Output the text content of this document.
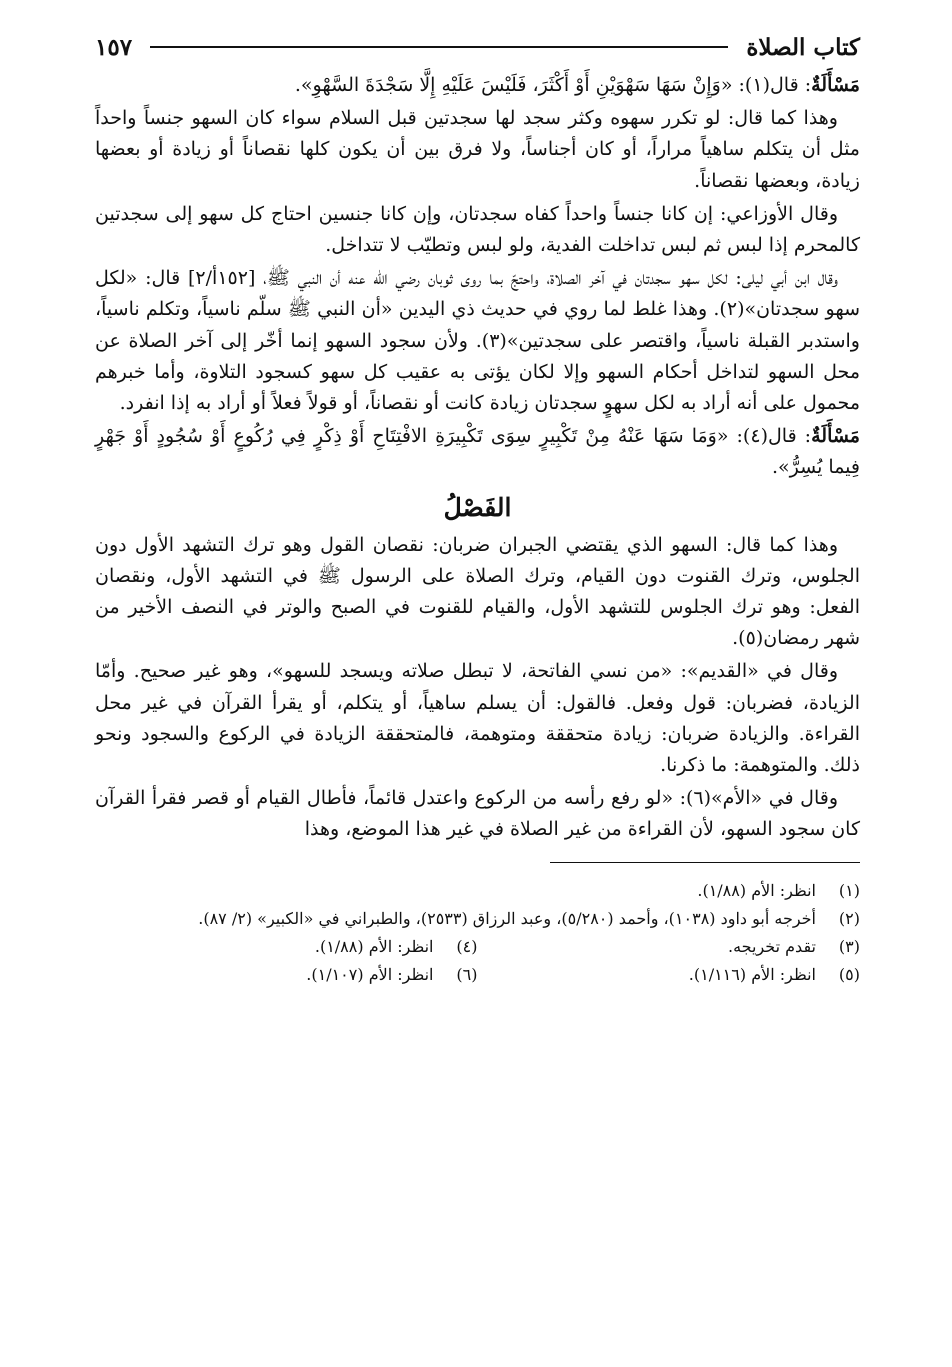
كتاب الصلاة
١٥٧

مَسْأَلَةٌ: قال(١): «وَإِنْ سَهَا سَهْوَيْنِ أَوْ أَكْثَرَ، فَلَيْسَ عَلَيْهِ إِلَّا سَجْدَةَ السَّهْوِ».

وهذا كما قال: لو تكرر سهوه وكثر سجد لها سجدتين قبل السلام سواء كان السهو جنساً واحداً مثل أن يتكلم ساهياً مراراً، أو كان أجناساً، ولا فرق بين أن يكون كلها نقصاناً أو زيادة أو بعضها زيادة، وبعضها نقصاناً.

وقال الأوزاعي: إن كانا جنساً واحداً كفاه سجدتان، وإن كانا جنسين احتاج كل سهو إلى سجدتين كالمحرم إذا لبس ثم لبس تداخلت الفدية، ولو لبس وتطيّب لا تتداخل.

وقال ابن أبي ليلى: لكل سهو سجدتان في آخر الصلاة، واحتجّ بما روى ثوبان رضي الله عنه أن النبي ﷺ، [١٥٢أ/٢] قال: «لكل سهو سجدتان»(٢). وهذا غلط لما روي في حديث ذي اليدين «أن النبي ﷺ سلّم ناسياً، وتكلم ناسياً، واستدبر القبلة ناسياً، واقتصر على سجدتين»(٣). ولأن سجود السهو إنما أخّر إلى آخر الصلاة عن محل السهو لتداخل أحكام السهو وإلا لكان يؤتى به عقيب كل سهو كسجود التلاوة، وأما خبرهم محمول على أنه أراد به لكل سهوٍ سجدتان زيادة كانت أو نقصاناً، أو قولاً فعلاً أو أراد به إذا انفرد.

مَسْأَلَةٌ: قال(٤): «وَمَا سَهَا عَنْهُ مِنْ تَكْبِيرٍ سِوَى تَكْبِيرَةِ الافْتِتَاحِ أَوْ ذِكْرٍ فِي رُكُوعٍ أَوْ سُجُودٍ أَوْ جَهْرٍ فِيما يُسِرُّ».

الفَصْلُ

وهذا كما قال: السهو الذي يقتضي الجبران ضربان: نقصان القول وهو ترك التشهد الأول دون الجلوس، وترك القنوت دون القيام، وترك الصلاة على الرسول ﷺ في التشهد الأول، ونقصان الفعل: وهو ترك الجلوس للتشهد الأول، والقيام للقنوت في الصبح والوتر في النصف الأخير من شهر رمضان(٥).

وقال في «القديم»: «من نسي الفاتحة، لا تبطل صلاته ويسجد للسهو»، وهو غير صحيح. وأمّا الزيادة، فضربان: قول وفعل. فالقول: أن يسلم ساهياً، أو يتكلم، أو يقرأ القرآن في غير محل القراءة. والزيادة ضربان: زيادة متحققة ومتوهمة، فالمتحققة الزيادة في الركوع والسجود ونحو ذلك. والمتوهمة: ما ذكرنا.

وقال في «الأم»(٦): «لو رفع رأسه من الركوع واعتدل قائماً، فأطال القيام أو قصر فقرأ القرآن كان سجود السهو، لأن القراءة من غير الصلاة في غير هذا الموضع، وهذا

(١)
انظر: الأم (١/٨٨).
(٢)
أخرجه أبو داود (١٠٣٨)، وأحمد (٥/٢٨٠)، وعبد الرزاق (٢٥٣٣)، والطبراني في «الكبير» (٢/ ٨٧).
(٣)
تقدم تخريجه.
(٤)
انظر: الأم (١/٨٨).
(٥)
انظر: الأم (١/١١٦).
(٦)
انظر: الأم (١/١٠٧).
